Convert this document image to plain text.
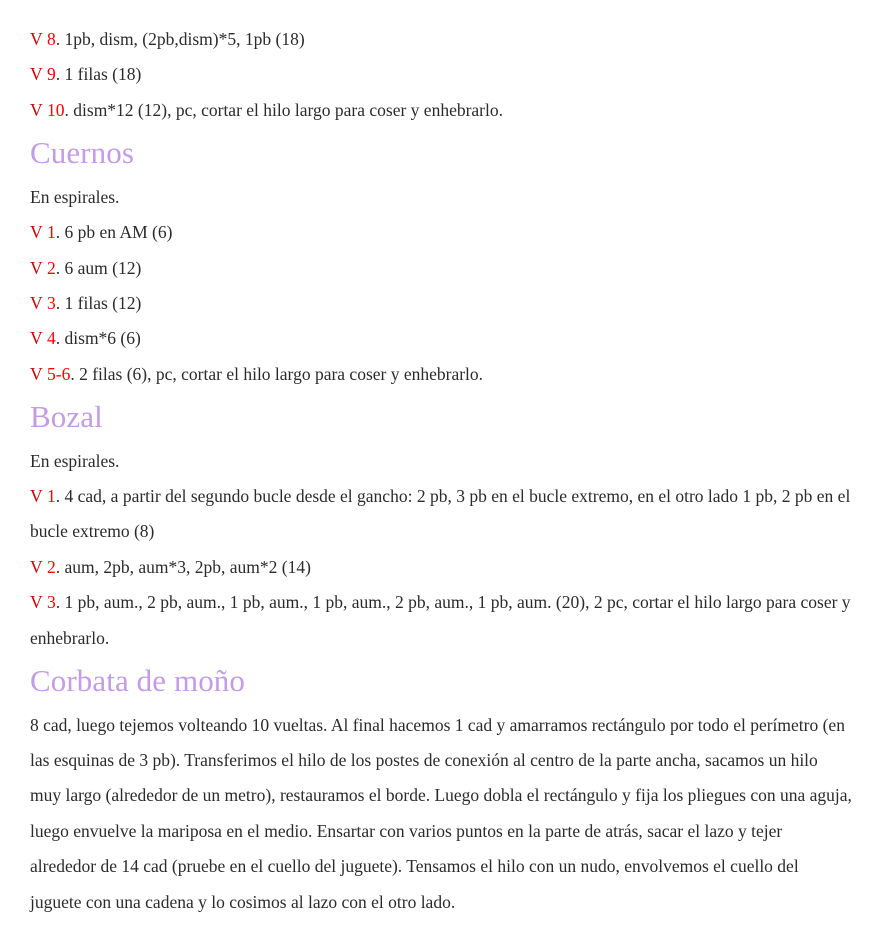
V 8. 1pb, dism, (2pb,dism)*5, 1pb (18)

V 9. 1 filas (18)

V 10. dism*12 (12), pc, cortar el hilo largo para coser y enhebrarlo.

Cuernos

En espirales.

V 1. 6 pb en AM (6)

V 2. 6 aum (12)

V 3. 1 filas (12)

V 4. dism*6 (6)

V 5-6. 2 filas (6), pc, cortar el hilo largo para coser y enhebrarlo.

Bozal

En espirales.

V 1. 4 cad, a partir del segundo bucle desde el gancho: 2 pb, 3 pb en el bucle extremo, en el otro lado 1 pb, 2 pb en el bucle extremo (8)

V 2. aum, 2pb, aum*3, 2pb, aum*2 (14)

V 3. 1 pb, aum., 2 pb, aum., 1 pb, aum., 1 pb, aum., 2 pb, aum., 1 pb, aum. (20), 2 pc, cortar el hilo largo para coser y enhebrarlo.

Corbata de moño

8 cad, luego tejemos volteando 10 vueltas. Al final hacemos 1 cad y amarramos rectángulo por todo el perímetro (en las esquinas de 3 pb). Transferimos el hilo de los postes de conexión al centro de la parte ancha, sacamos un hilo muy largo (alrededor de un metro), restauramos el borde. Luego dobla el rectángulo y fija los pliegues con una aguja, luego envuelve la mariposa en el medio. Ensartar con varios puntos en la parte de atrás, sacar el lazo y tejer alrededor de 14 cad (pruebe en el cuello del juguete). Tensamos el hilo con un nudo, envolvemos el cuello del juguete con una cadena y lo cosimos al lazo con el otro lado.
